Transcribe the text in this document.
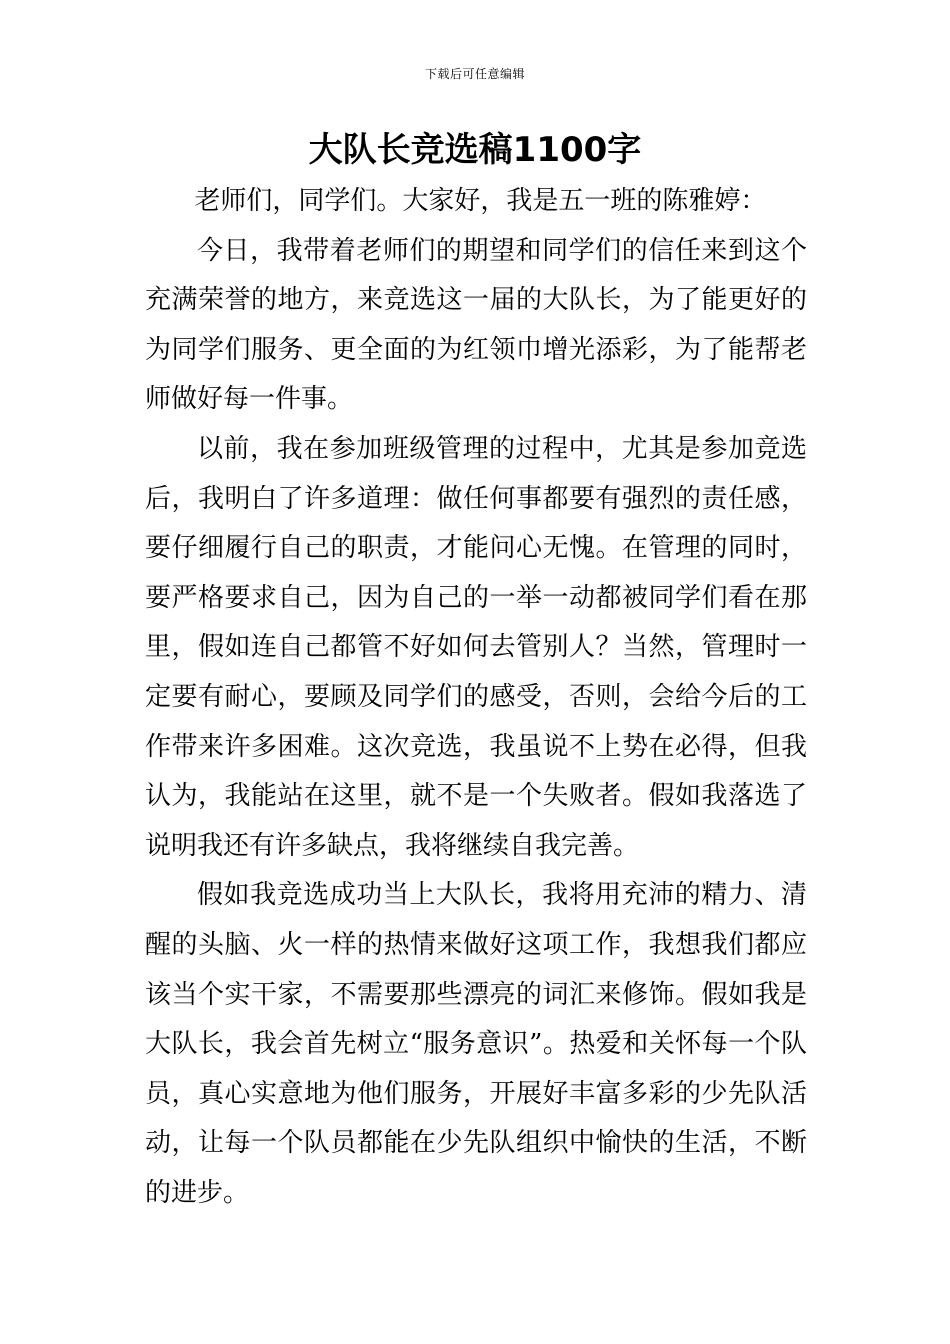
下载后可任意编辑
大队长竞选稿1100字

老师们，同学们。大家好，我是五一班的陈雅婷：

今日，我带着老师们的期望和同学们的信任来到这个充满荣誉的地方，来竞选这一届的大队长，为了能更好的为同学们服务、更全面的为红领巾增光添彩，为了能帮老师做好每一件事。

以前，我在参加班级管理的过程中，尤其是参加竞选后，我明白了许多道理：做任何事都要有强烈的责任感，要仔细履行自己的职责，才能问心无愧。在管理的同时，要严格要求自己，因为自己的一举一动都被同学们看在那里，假如连自己都管不好如何去管别人？当然，管理时一定要有耐心，要顾及同学们的感受，否则，会给今后的工作带来许多困难。这次竞选，我虽说不上势在必得，但我认为，我能站在这里，就不是一个失败者。假如我落选了说明我还有许多缺点，我将继续自我完善。

假如我竞选成功当上大队长，我将用充沛的精力、清醒的头脑、火一样的热情来做好这项工作，我想我们都应该当个实干家，不需要那些漂亮的词汇来修饰。假如我是大队长，我会首先树立“服务意识”。热爱和关怀每一个队员，真心实意地为他们服务，开展好丰富多彩的少先队活动，让每一个队员都能在少先队组织中愉快的生活，不断的进步。
